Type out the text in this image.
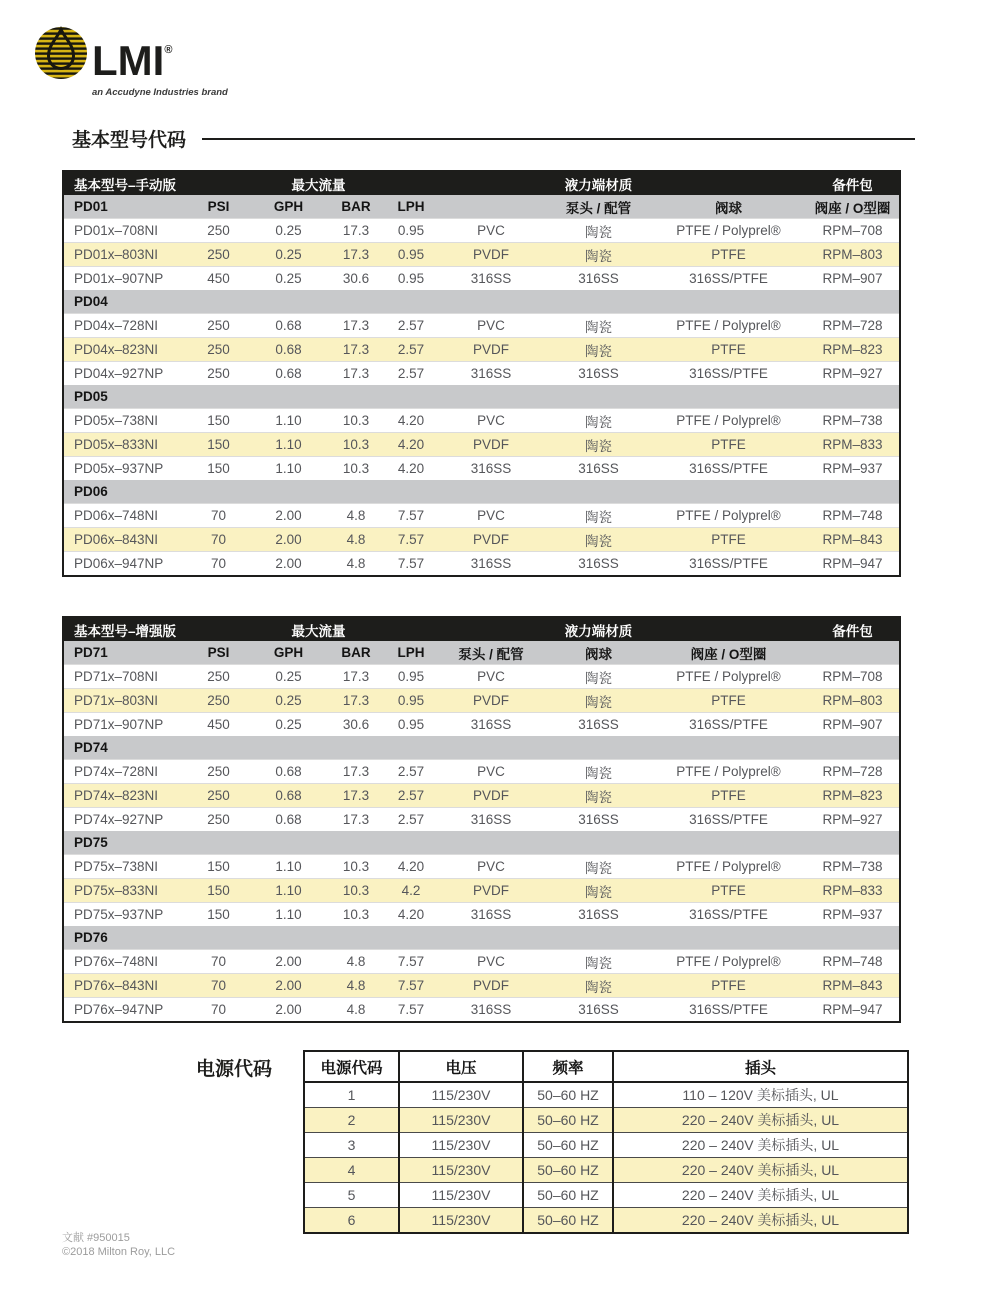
LMI®
an Accudyne Industries brand
基本型号代码
基本型号–手动版		最大流量				液力端材质		备件包
PD01	PSI	GPH	BAR	LPH		泵头 / 配管	阀球	阀座 / O型圈
PD01x–708NI	250	0.25	17.3	0.95	PVC	陶瓷	PTFE / Polyprel®	RPM–708
PD01x–803NI	250	0.25	17.3	0.95	PVDF	陶瓷	PTFE	RPM–803
PD01x–907NP	450	0.25	30.6	0.95	316SS	316SS	316SS/PTFE	RPM–907
PD04								
PD04x–728NI	250	0.68	17.3	2.57	PVC	陶瓷	PTFE / Polyprel®	RPM–728
PD04x–823NI	250	0.68	17.3	2.57	PVDF	陶瓷	PTFE	RPM–823
PD04x–927NP	250	0.68	17.3	2.57	316SS	316SS	316SS/PTFE	RPM–927
PD05								
PD05x–738NI	150	1.10	10.3	4.20	PVC	陶瓷	PTFE / Polyprel®	RPM–738
PD05x–833NI	150	1.10	10.3	4.20	PVDF	陶瓷	PTFE	RPM–833
PD05x–937NP	150	1.10	10.3	4.20	316SS	316SS	316SS/PTFE	RPM–937
PD06								
PD06x–748NI	70	2.00	4.8	7.57	PVC	陶瓷	PTFE / Polyprel®	RPM–748
PD06x–843NI	70	2.00	4.8	7.57	PVDF	陶瓷	PTFE	RPM–843
PD06x–947NP	70	2.00	4.8	7.57	316SS	316SS	316SS/PTFE	RPM–947
基本型号–增强版		最大流量				液力端材质		备件包
PD71	PSI	GPH	BAR	LPH	泵头 / 配管	阀球	阀座 / O型圈	
PD71x–708NI	250	0.25	17.3	0.95	PVC	陶瓷	PTFE / Polyprel®	RPM–708
PD71x–803NI	250	0.25	17.3	0.95	PVDF	陶瓷	PTFE	RPM–803
PD71x–907NP	450	0.25	30.6	0.95	316SS	316SS	316SS/PTFE	RPM–907
PD74								
PD74x–728NI	250	0.68	17.3	2.57	PVC	陶瓷	PTFE / Polyprel®	RPM–728
PD74x–823NI	250	0.68	17.3	2.57	PVDF	陶瓷	PTFE	RPM–823
PD74x–927NP	250	0.68	17.3	2.57	316SS	316SS	316SS/PTFE	RPM–927
PD75								
PD75x–738NI	150	1.10	10.3	4.20	PVC	陶瓷	PTFE / Polyprel®	RPM–738
PD75x–833NI	150	1.10	10.3	4.2	PVDF	陶瓷	PTFE	RPM–833
PD75x–937NP	150	1.10	10.3	4.20	316SS	316SS	316SS/PTFE	RPM–937
PD76								
PD76x–748NI	70	2.00	4.8	7.57	PVC	陶瓷	PTFE / Polyprel®	RPM–748
PD76x–843NI	70	2.00	4.8	7.57	PVDF	陶瓷	PTFE	RPM–843
PD76x–947NP	70	2.00	4.8	7.57	316SS	316SS	316SS/PTFE	RPM–947
电源代码	电源代码	电压	频率	插头
1	115/230V	50–60 HZ	110 – 120V 美标插头, UL
2	115/230V	50–60 HZ	220 – 240V 美标插头, UL
3	115/230V	50–60 HZ	220 – 240V 美标插头, UL
4	115/230V	50–60 HZ	220 – 240V 美标插头, UL
5	115/230V	50–60 HZ	220 – 240V 美标插头, UL
6	115/230V	50–60 HZ	220 – 240V 美标插头, UL
文献 #950015
©2018 Milton Roy, LLC
